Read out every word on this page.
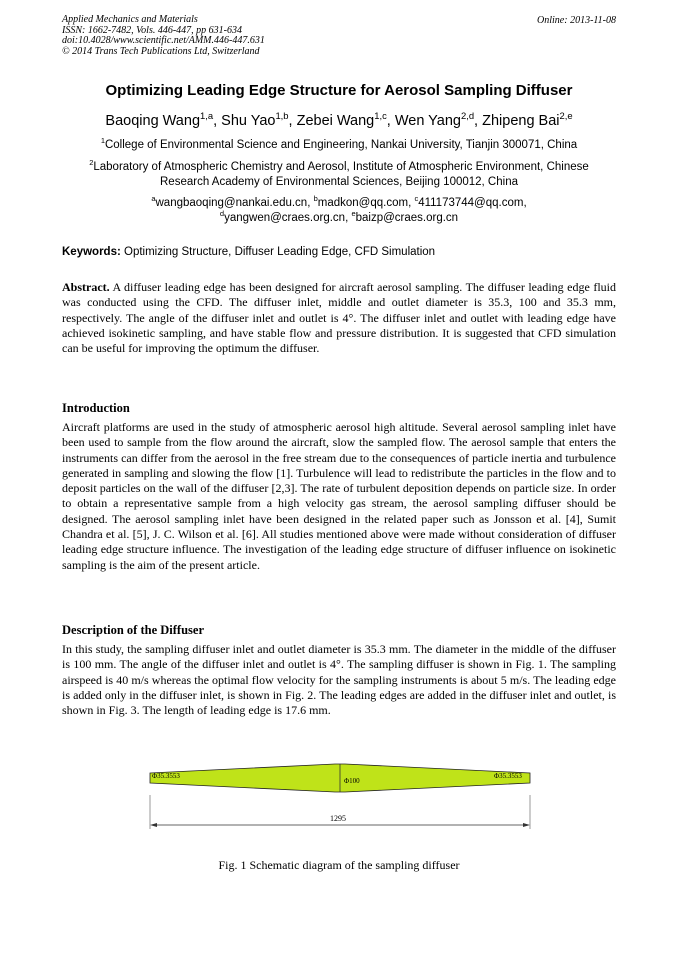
Applied Mechanics and Materials
ISSN: 1662-7482, Vols. 446-447, pp 631-634
doi:10.4028/www.scientific.net/AMM.446-447.631
© 2014 Trans Tech Publications Ltd, Switzerland
Online: 2013-11-08
Optimizing Leading Edge Structure for Aerosol Sampling Diffuser
Baoqing Wang$^{1,a}$, Shu Yao$^{1,b}$, Zebei Wang$^{1,c}$, Wen Yang$^{2,d}$, Zhipeng Bai$^{2,e}$
$^1$College of Environmental Science and Engineering, Nankai University, Tianjin 300071, China
$^2$Laboratory of Atmospheric Chemistry and Aerosol, Institute of Atmospheric Environment, Chinese
Research Academy of Environmental Sciences, Beijing 100012, China
$^a$wangbaoqing@nankai.edu.cn, $^b$madkon@qq.com, $^c$411173744@qq.com,
$^d$yangwen@craes.org.cn, $^e$baizp@craes.org.cn
Keywords: Optimizing Structure, Diffuser Leading Edge, CFD Simulation
Abstract. A diffuser leading edge has been designed for aircraft aerosol sampling. The diffuser leading edge fluid was conducted using the CFD. The diffuser inlet, middle and outlet diameter is 35.3, 100 and 35.3 mm, respectively. The angle of the diffuser inlet and outlet is 4°. The diffuser inlet and outlet with leading edge have achieved isokinetic sampling, and have stable flow and pressure distribution. It is suggested that CFD simulation can be useful for improving the optimum the diffuser.
Introduction
Aircraft platforms are used in the study of atmospheric aerosol high altitude. Several aerosol sampling inlet have been used to sample from the flow around the aircraft, slow the sampled flow. The aerosol sample that enters the instruments can differ from the aerosol in the free stream due to the consequences of particle inertia and turbulence generated in sampling and slowing the flow [1]. Turbulence will lead to redistribute the particles in the flow and to deposit particles on the wall of the diffuser [2,3]. The rate of turbulent deposition depends on particle size. In order to obtain a representative sample from a high velocity gas stream, the aerosol sampling diffuser should be designed. The aerosol sampling inlet have been designed in the related paper such as Jonsson et al. [4], Sumit Chandra et al. [5], J. C. Wilson et al. [6]. All studies mentioned above were made without consideration of diffuser leading edge structure influence. The investigation of the leading edge structure of diffuser influence on isokinetic sampling is the aim of the present article.
Description of the Diffuser
In this study, the sampling diffuser inlet and outlet diameter is 35.3 mm. The diameter in the middle of the diffuser is 100 mm. The angle of the diffuser inlet and outlet is 4°. The sampling diffuser is shown in Fig. 1. The sampling airspeed is 40 m/s whereas the optimal flow velocity for the sampling instruments is about 5 m/s. The leading edge is added only in the diffuser inlet, is shown in Fig. 2. The leading edges are added in the diffuser inlet and outlet, is shown in Fig. 3. The length of leading edge is 17.6 mm.
Φ35.3553
Φ100
Φ35.3553
1295
Fig. 1 Schematic diagram of the sampling diffuser
